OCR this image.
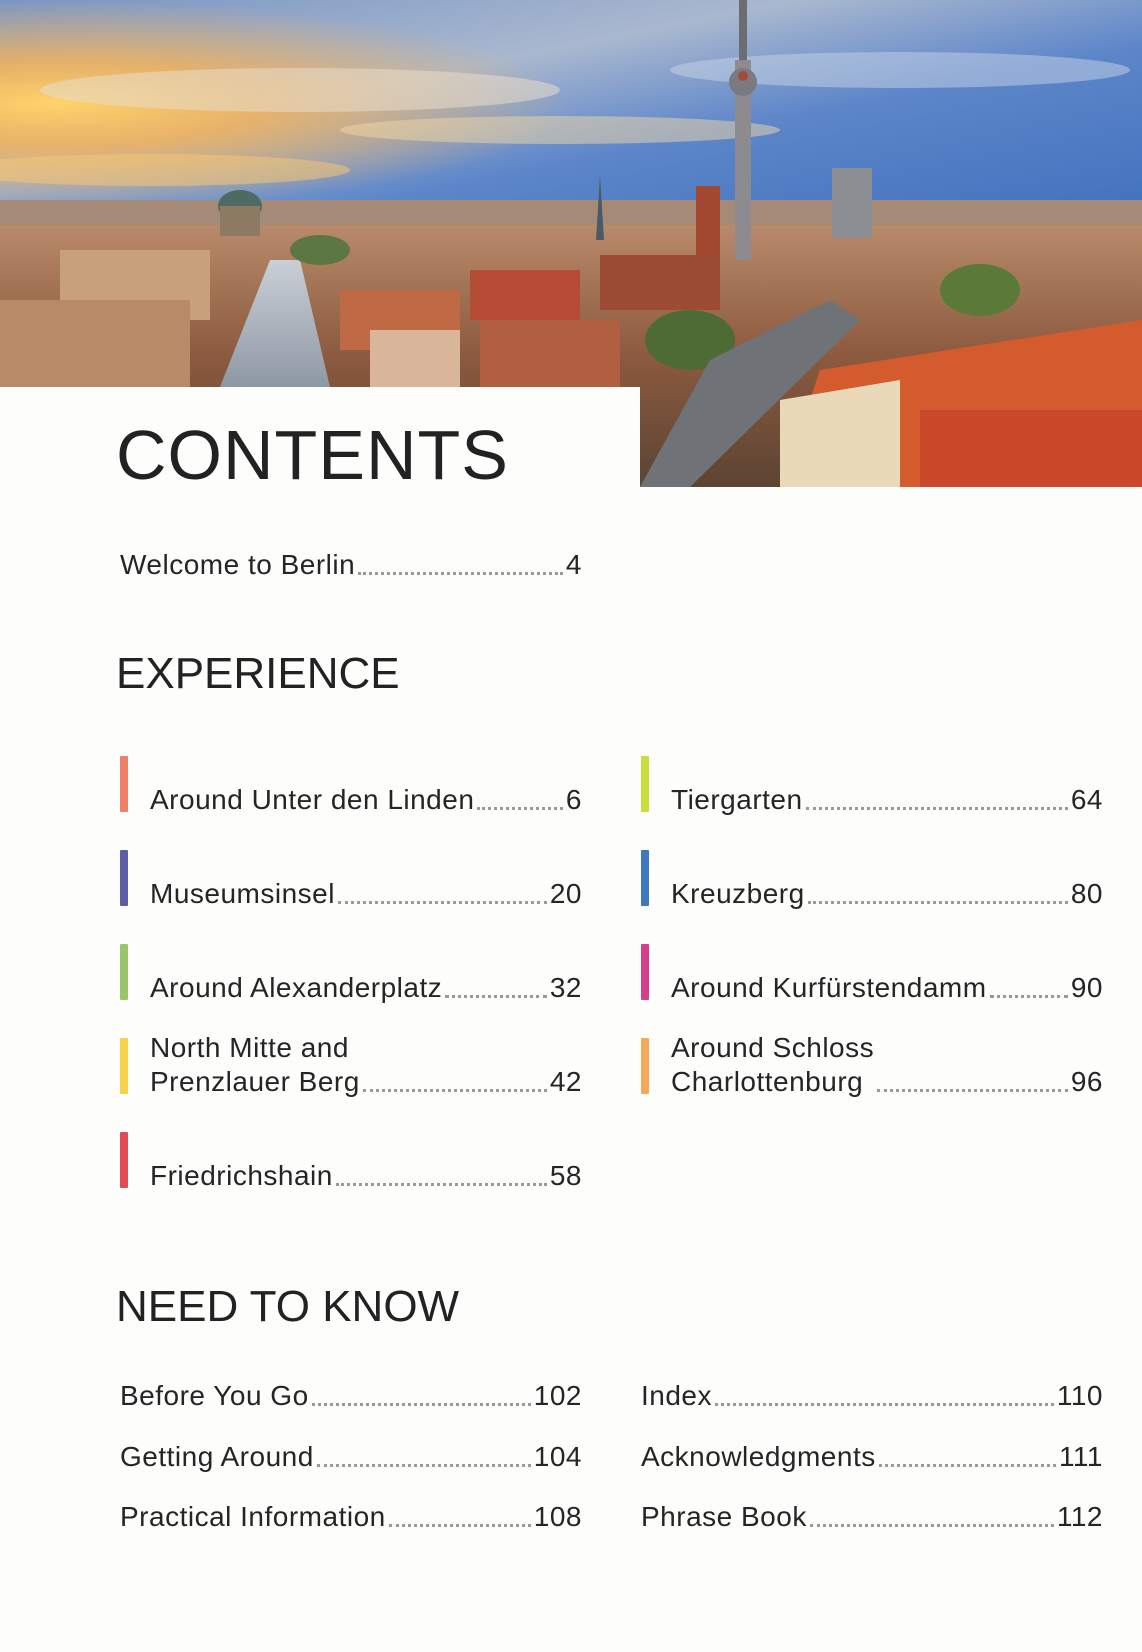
CONTENTS
Welcome to Berlin	4
EXPERIENCE
Around Unter den Linden	6
Museumsinsel	20
Around Alexanderplatz	32
North Mitte and
Prenzlauer Berg	42
Friedrichshain	58
Tiergarten	64
Kreuzberg	80
Around Kurfürstendamm	90
Around Schloss
Charlottenburg	96
NEED TO KNOW
Before You Go	102
Getting Around	104
Practical Information	108
Index	110
Acknowledgments	111
Phrase Book	112
